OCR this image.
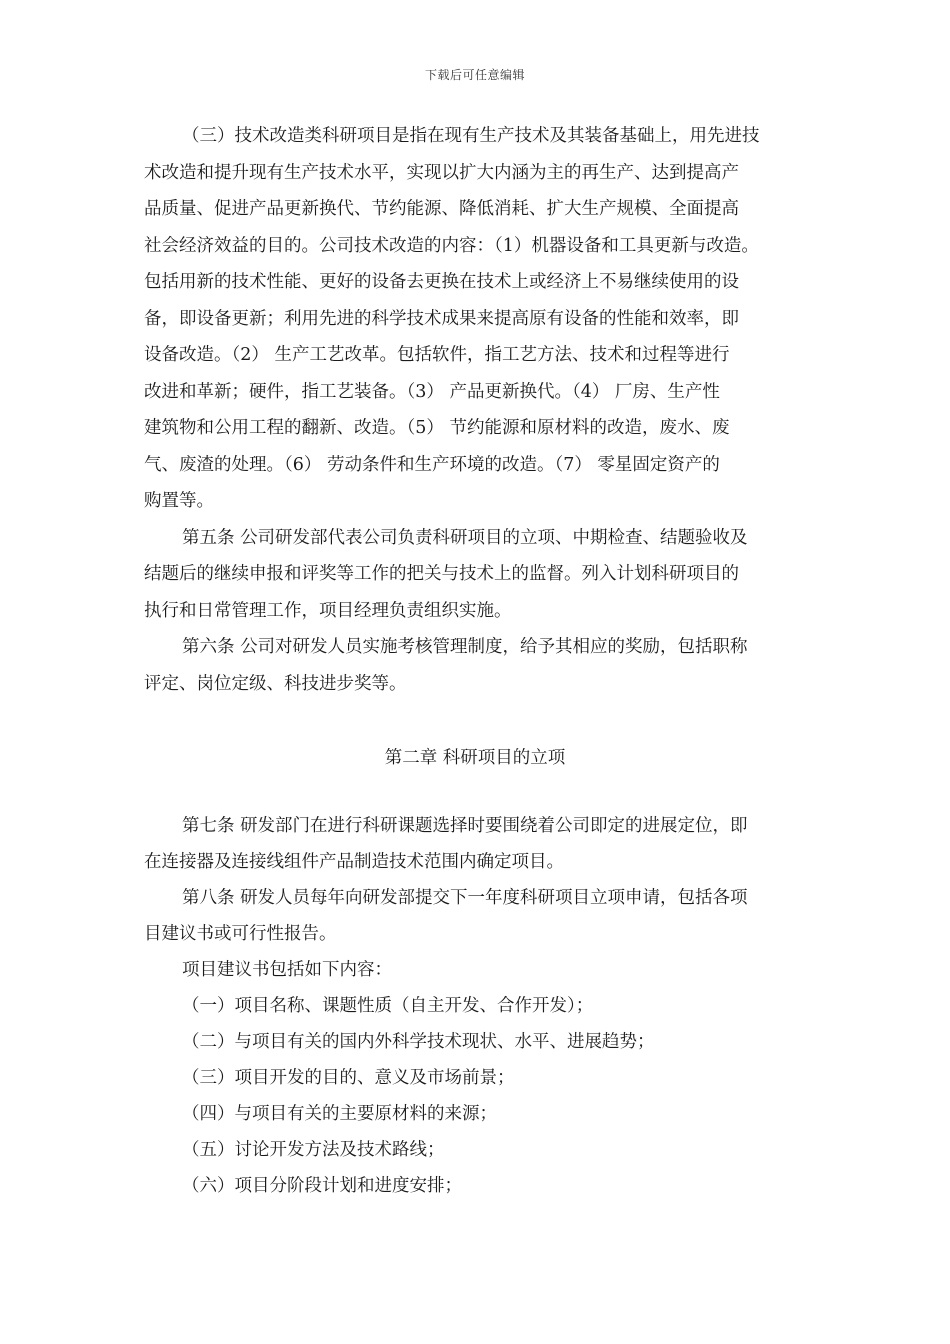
下载后可任意编辑
（三）技术改造类科研项目是指在现有生产技术及其装备基础上，用先进技
术改造和提升现有生产技术水平，实现以扩大内涵为主的再生产、达到提高产
品质量、促进产品更新换代、节约能源、降低消耗、扩大生产规模、全面提高
社会经济效益的目的。公司技术改造的内容：（1）机器设备和工具更新与改造。
包括用新的技术性能、更好的设备去更换在技术上或经济上不易继续使用的设
备，即设备更新；利用先进的科学技术成果来提高原有设备的性能和效率，即
设备改造。（2） 生产工艺改革。包括软件，指工艺方法、技术和过程等进行
改进和革新；硬件，指工艺装备。（3） 产品更新换代。（4） 厂房、生产性
建筑物和公用工程的翻新、改造。（5） 节约能源和原材料的改造，废水、废
气、废渣的处理。（6） 劳动条件和生产环境的改造。（7） 零星固定资产的
购置等。
第五条 公司研发部代表公司负责科研项目的立项、中期检查、结题验收及
结题后的继续申报和评奖等工作的把关与技术上的监督。列入计划科研项目的
执行和日常管理工作，项目经理负责组织实施。
第六条 公司对研发人员实施考核管理制度，给予其相应的奖励，包括职称
评定、岗位定级、科技进步奖等。
第二章 科研项目的立项
第七条 研发部门在进行科研课题选择时要围绕着公司即定的进展定位，即
在连接器及连接线组件产品制造技术范围内确定项目。
第八条 研发人员每年向研发部提交下一年度科研项目立项申请，包括各项
目建议书或可行性报告。
项目建议书包括如下内容：
（一）项目名称、课题性质（自主开发、合作开发）；
（二）与项目有关的国内外科学技术现状、水平、进展趋势；
（三）项目开发的目的、意义及市场前景；
（四）与项目有关的主要原材料的来源；
（五）讨论开发方法及技术路线；
（六）项目分阶段计划和进度安排；
